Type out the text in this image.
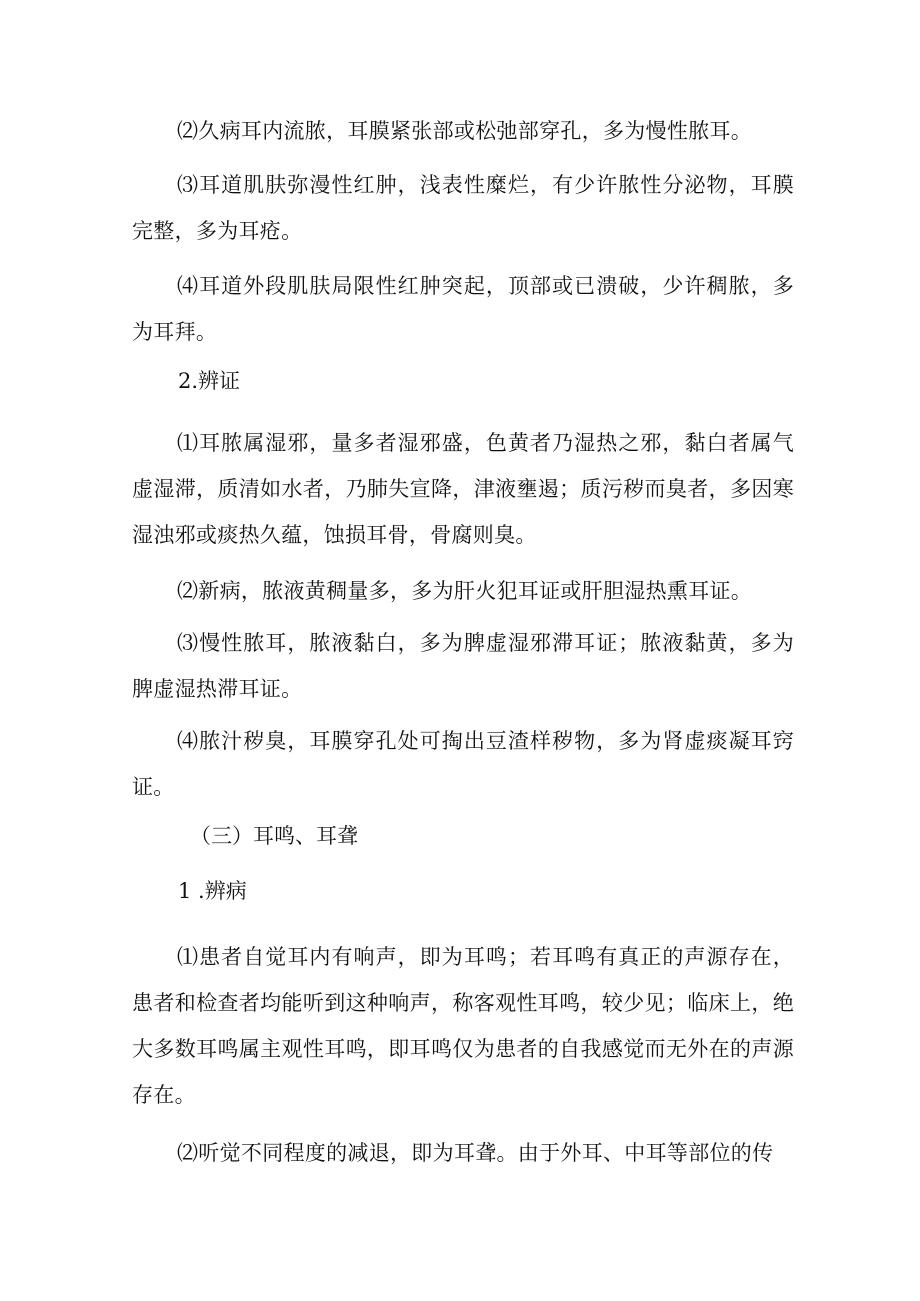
⑵久病耳内流脓，耳膜紧张部或松弛部穿孔，多为慢性脓耳。

⑶耳道肌肤弥漫性红肿，浅表性糜烂，有少许脓性分泌物，耳膜完整，多为耳疮。

⑷耳道外段肌肤局限性红肿突起，顶部或已溃破，少许稠脓，多为耳拜。

2.辨证

⑴耳脓属湿邪，量多者湿邪盛，色黄者乃湿热之邪，黏白者属气虚湿滞，质清如水者，乃肺失宣降，津液壅遏；质污秽而臭者，多因寒湿浊邪或痰热久蕴，蚀损耳骨，骨腐则臭。

⑵新病，脓液黄稠量多，多为肝火犯耳证或肝胆湿热熏耳证。

⑶慢性脓耳，脓液黏白，多为脾虚湿邪滞耳证；脓液黏黄，多为脾虚湿热滞耳证。

⑷脓汁秽臭，耳膜穿孔处可掏出豆渣样秽物，多为肾虚痰凝耳窍证。

（三）耳鸣、耳聋

1 .辨病

⑴患者自觉耳内有响声，即为耳鸣；若耳鸣有真正的声源存在，患者和检查者均能听到这种响声，称客观性耳鸣，较少见；临床上，绝大多数耳鸣属主观性耳鸣，即耳鸣仅为患者的自我感觉而无外在的声源存在。

⑵听觉不同程度的减退，即为耳聋。由于外耳、中耳等部位的传
